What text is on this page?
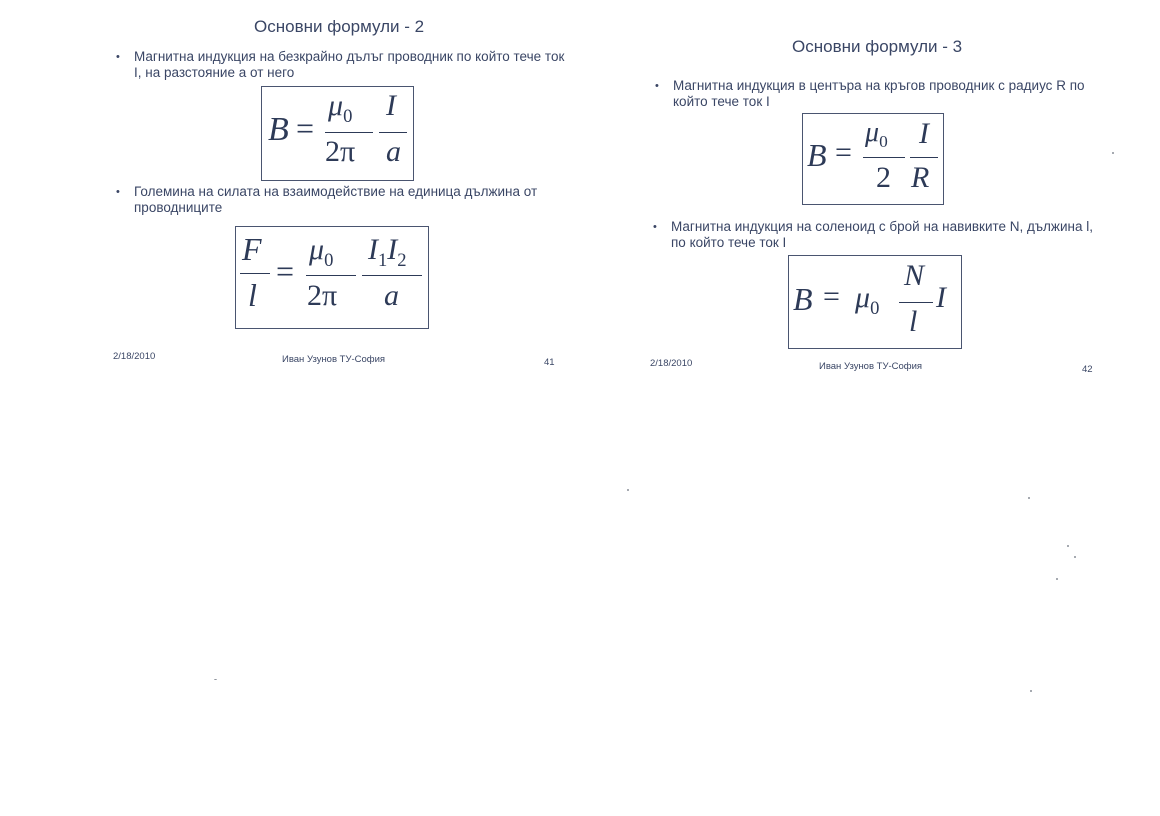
Основни формули - 2
• Магнитна индукция на безкрайно дълъг проводник по който тече ток I, на разстояние a от него
B =
$\mu_0$
2π
I
a
• Големина на силата на взаимодействие на единица дължина от проводниците
F
l
=
$\mu_0$
2π
$I_1I_2$
a
2/18/2010	Иван Узунов ТУ-София	41
Основни формули - 3
• Магнитна индукция в центъра на кръгов проводник с радиус R по който тече ток I
B =
$\mu_0$
2
I
R
• Магнитна индукция на соленоид с брой на навивките N, дължина l, по който тече ток I
$B = \mu_0$
N
l
I
2/18/2010	Иван Узунов ТУ-София	42
